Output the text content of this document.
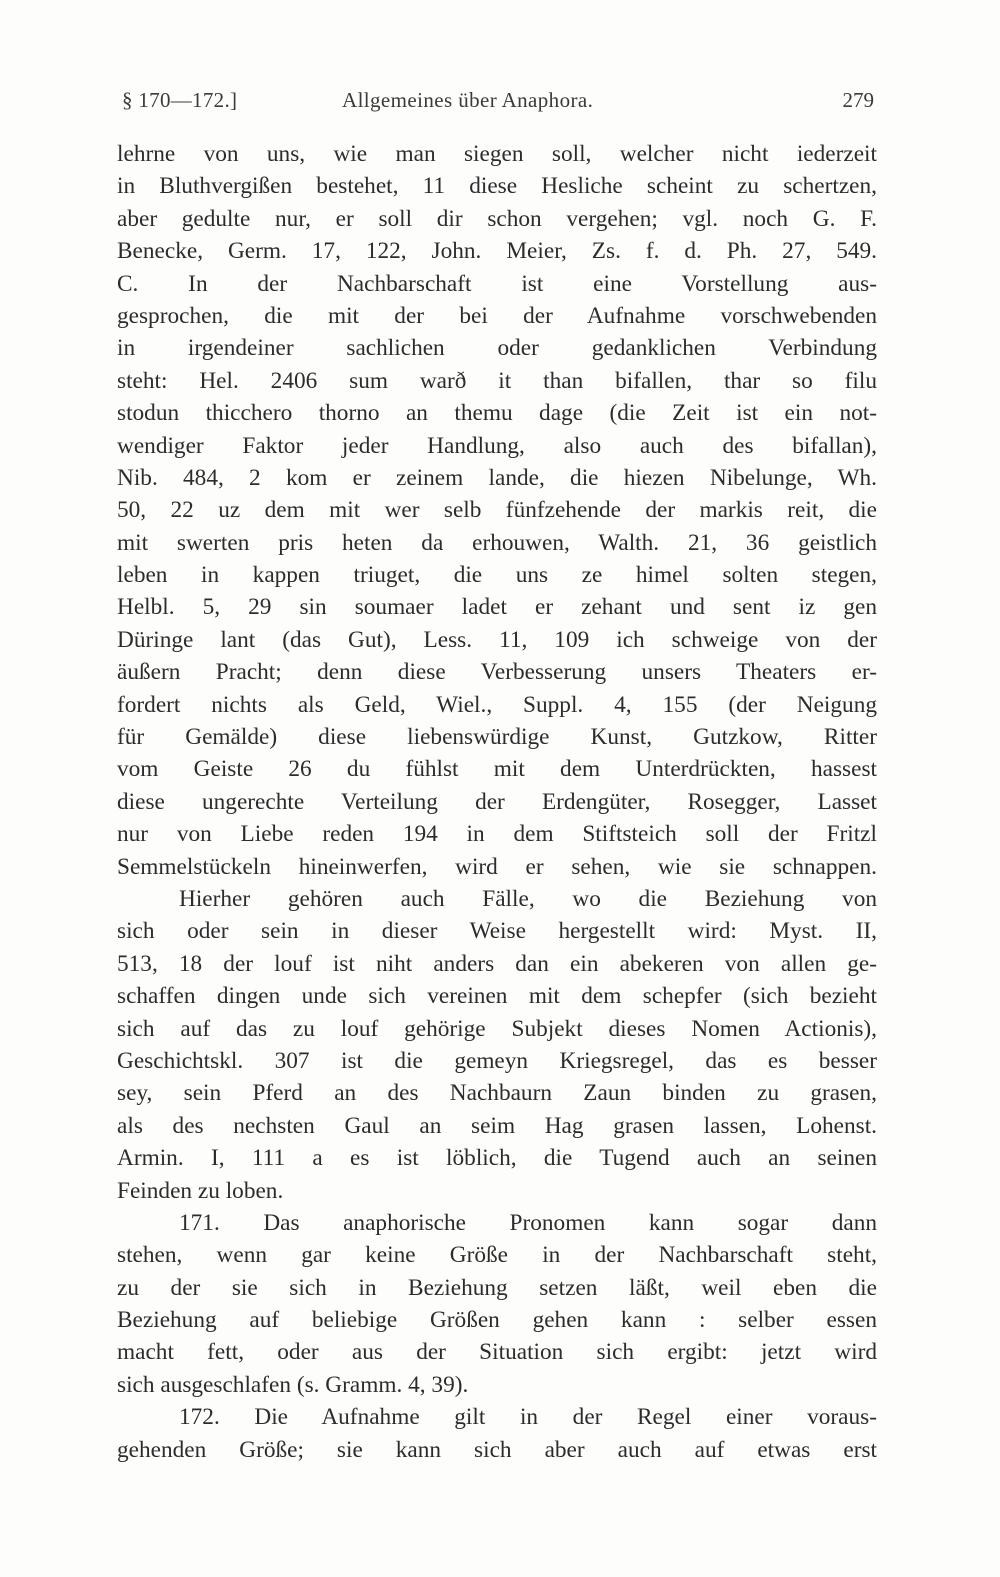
§ 170—172.]	Allgemeines über Anaphora.	279
lehrne von uns, wie man siegen soll, welcher nicht iederzeit
in Bluthvergißen bestehet, 11 diese Hesliche scheint zu schertzen,
aber gedulte nur, er soll dir schon vergehen; vgl. noch G. F.
Benecke, Germ. 17, 122, John. Meier, Zs. f. d. Ph. 27, 549.
C. In der Nachbarschaft ist eine Vorstellung aus-
gesprochen, die mit der bei der Aufnahme vorschwebenden
in irgendeiner sachlichen oder gedanklichen Verbindung
steht: Hel. 2406 sum warð it than bifallen, thar so filu
stodun thicchero thorno an themu dage (die Zeit ist ein not-
wendiger Faktor jeder Handlung, also auch des bifallan),
Nib. 484, 2 kom er zeinem lande, die hiezen Nibelunge, Wh.
50, 22 uz dem mit wer selb fünfzehende der markis reit, die
mit swerten pris heten da erhouwen, Walth. 21, 36 geistlich
leben in kappen triuget, die uns ze himel solten stegen,
Helbl. 5, 29 sin soumaer ladet er zehant und sent iz gen
Düringe lant (das Gut), Less. 11, 109 ich schweige von der
äußern Pracht; denn diese Verbesserung unsers Theaters er-
fordert nichts als Geld, Wiel., Suppl. 4, 155 (der Neigung
für Gemälde) diese liebenswürdige Kunst, Gutzkow, Ritter
vom Geiste 26 du fühlst mit dem Unterdrückten, hassest
diese ungerechte Verteilung der Erdengüter, Rosegger, Lasset
nur von Liebe reden 194 in dem Stiftsteich soll der Fritzl
Semmelstückeln hineinwerfen, wird er sehen, wie sie schnappen.
Hierher gehören auch Fälle, wo die Beziehung von
sich oder sein in dieser Weise hergestellt wird: Myst. II,
513, 18 der louf ist niht anders dan ein abekeren von allen ge-
schaffen dingen unde sich vereinen mit dem schepfer (sich bezieht
sich auf das zu louf gehörige Subjekt dieses Nomen Actionis),
Geschichtskl. 307 ist die gemeyn Kriegsregel, das es besser
sey, sein Pferd an des Nachbaurn Zaun binden zu grasen,
als des nechsten Gaul an seim Hag grasen lassen, Lohenst.
Armin. I, 111 a es ist löblich, die Tugend auch an seinen
Feinden zu loben.
171. Das anaphorische Pronomen kann sogar dann
stehen, wenn gar keine Größe in der Nachbarschaft steht,
zu der sie sich in Beziehung setzen läßt, weil eben die
Beziehung auf beliebige Größen gehen kann : selber essen
macht fett, oder aus der Situation sich ergibt: jetzt wird
sich ausgeschlafen (s. Gramm. 4, 39).
172. Die Aufnahme gilt in der Regel einer voraus-
gehenden Größe; sie kann sich aber auch auf etwas erst
